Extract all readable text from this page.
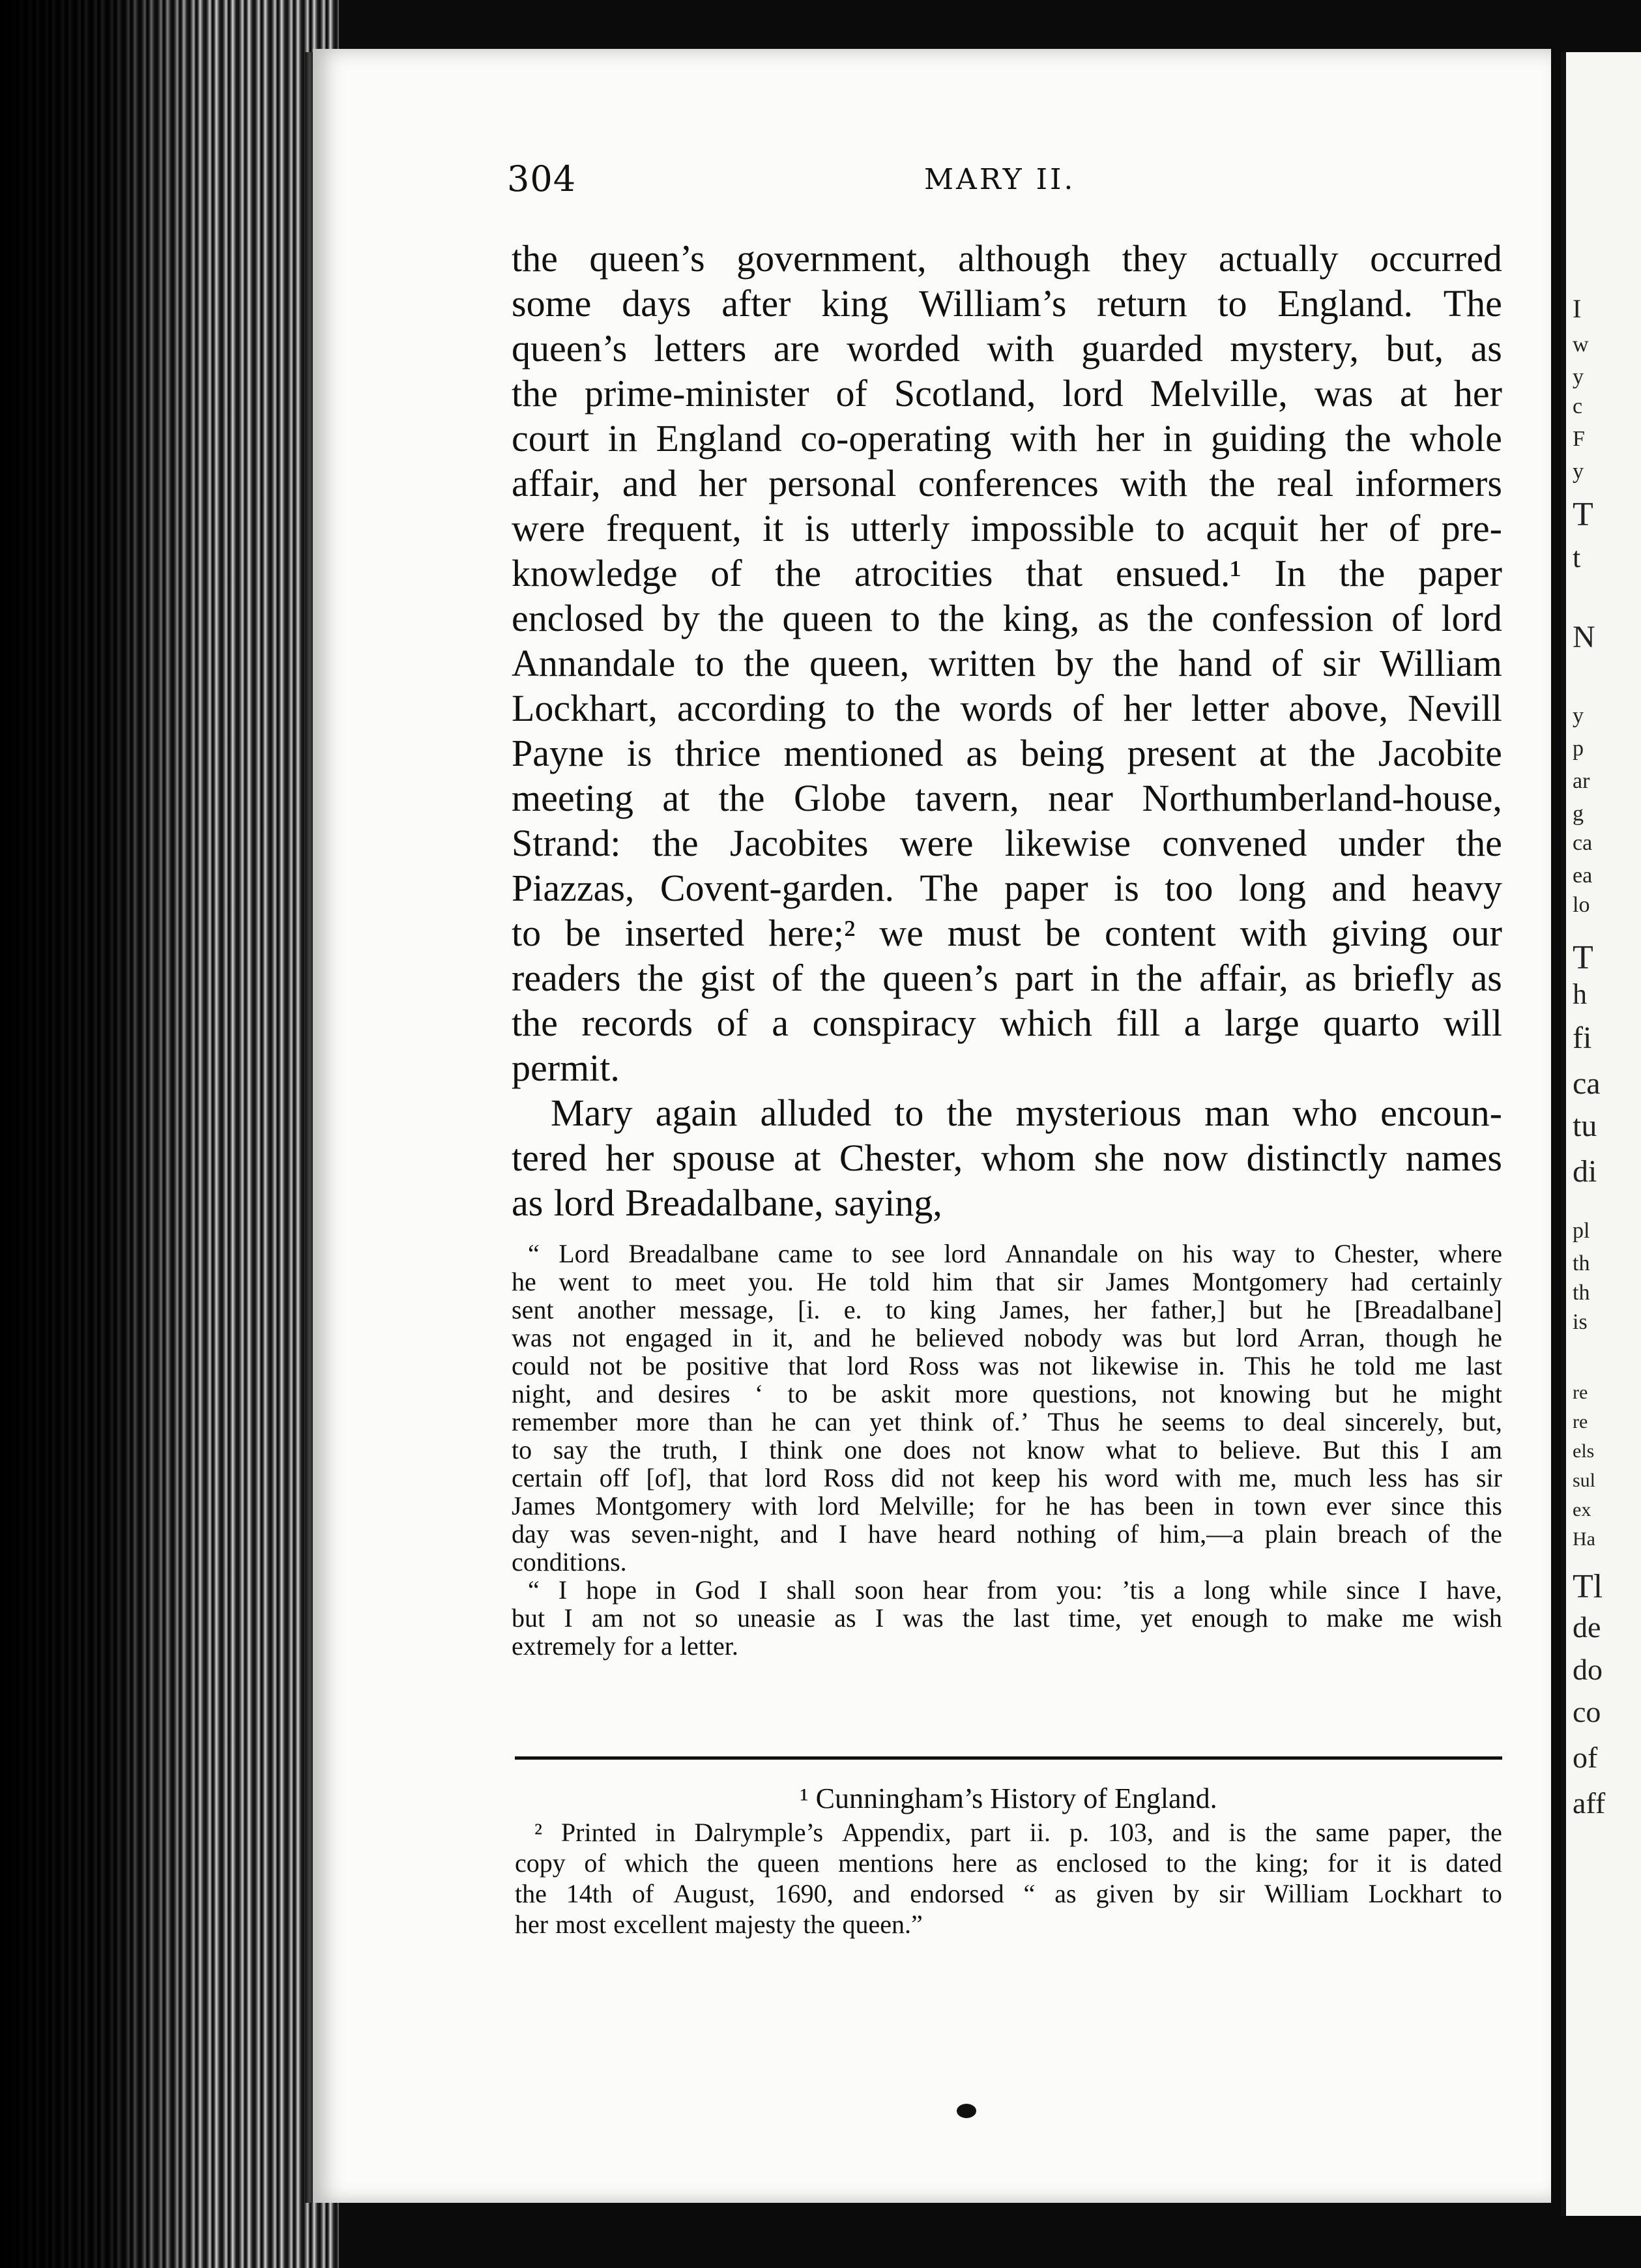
304	MARY II.
the queen’s government, although they actually occurred
some days after king William’s return to England. The
queen’s letters are worded with guarded mystery, but, as
the prime-minister of Scotland, lord Melville, was at her
court in England co-operating with her in guiding the whole
affair, and her personal conferences with the real informers
were frequent, it is utterly impossible to acquit her of pre-
knowledge of the atrocities that ensued.¹ In the paper
enclosed by the queen to the king, as the confession of lord
Annandale to the queen, written by the hand of sir William
Lockhart, according to the words of her letter above, Nevill
Payne is thrice mentioned as being present at the Jacobite
meeting at the Globe tavern, near Northumberland-house,
Strand: the Jacobites were likewise convened under the
Piazzas, Covent-garden. The paper is too long and heavy
to be inserted here;² we must be content with giving our
readers the gist of the queen’s part in the affair, as briefly as
the records of a conspiracy which fill a large quarto will
permit.
Mary again alluded to the mysterious man who encoun-
tered her spouse at Chester, whom she now distinctly names
as lord Breadalbane, saying,
“ Lord Breadalbane came to see lord Annandale on his way to Chester, where
he went to meet you. He told him that sir James Montgomery had certainly
sent another message, [i. e. to king James, her father,] but he [Breadalbane]
was not engaged in it, and he believed nobody was but lord Arran, though he
could not be positive that lord Ross was not likewise in. This he told me last
night, and desires ‘ to be askit more questions, not knowing but he might
remember more than he can yet think of.’ Thus he seems to deal sincerely, but,
to say the truth, I think one does not know what to believe. But this I am
certain off [of], that lord Ross did not keep his word with me, much less has sir
James Montgomery with lord Melville; for he has been in town ever since this
day was seven-night, and I have heard nothing of him,—a plain breach of the
conditions.
“ I hope in God I shall soon hear from you: ’tis a long while since I have,
but I am not so uneasie as I was the last time, yet enough to make me wish
extremely for a letter.
¹ Cunningham’s History of England.
² Printed in Dalrymple’s Appendix, part ii. p. 103, and is the same paper, the
copy of which the queen mentions here as enclosed to the king; for it is dated
the 14th of August, 1690, and endorsed “ as given by sir William Lockhart to
her most excellent majesty the queen.”
I
w
y
c
F
y
T
t
N
y
p
ar
g
ca
ea
lo
T
h
fi
ca
tu
di
pl
th
th
is
re
re
els
sul
ex
Ha
Tl
de
do
co
of
aff
